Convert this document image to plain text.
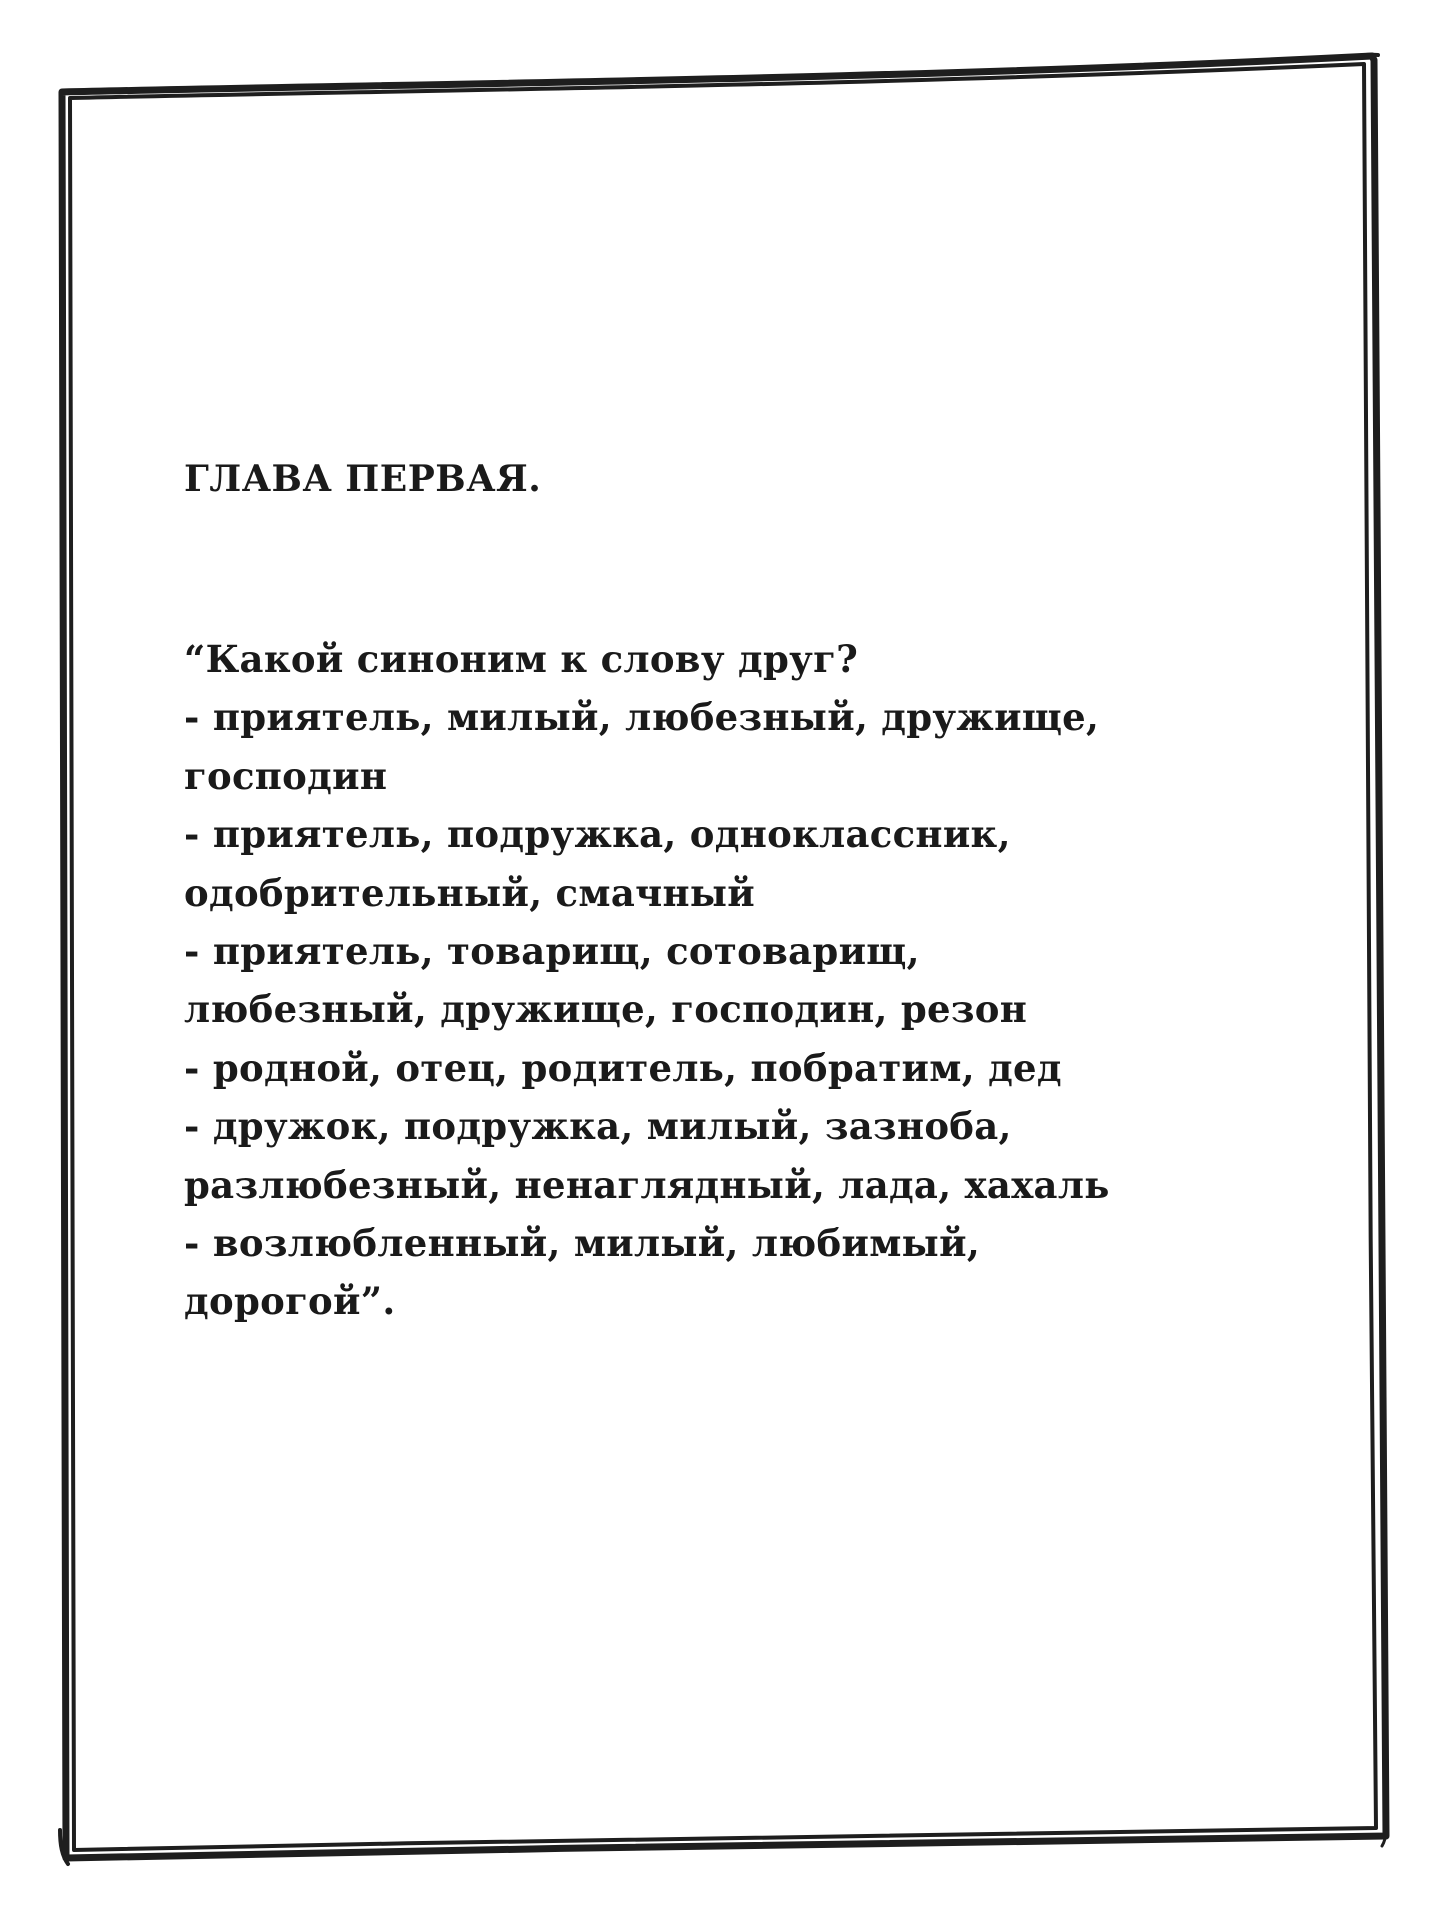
ГЛАВА ПЕРВАЯ.
“Какой синоним к слову друг?
- приятель, милый, любезный, дружище,
господин
- приятель, подружка, одноклассник,
одобрительный, смачный
- приятель, товарищ, сотоварищ,
любезный, дружище, господин, резон
- родной, отец, родитель, побратим, дед
- дружок, подружка, милый, зазноба,
разлюбезный, ненаглядный, лада, хахаль
- возлюбленный, милый, любимый,
дорогой”.
